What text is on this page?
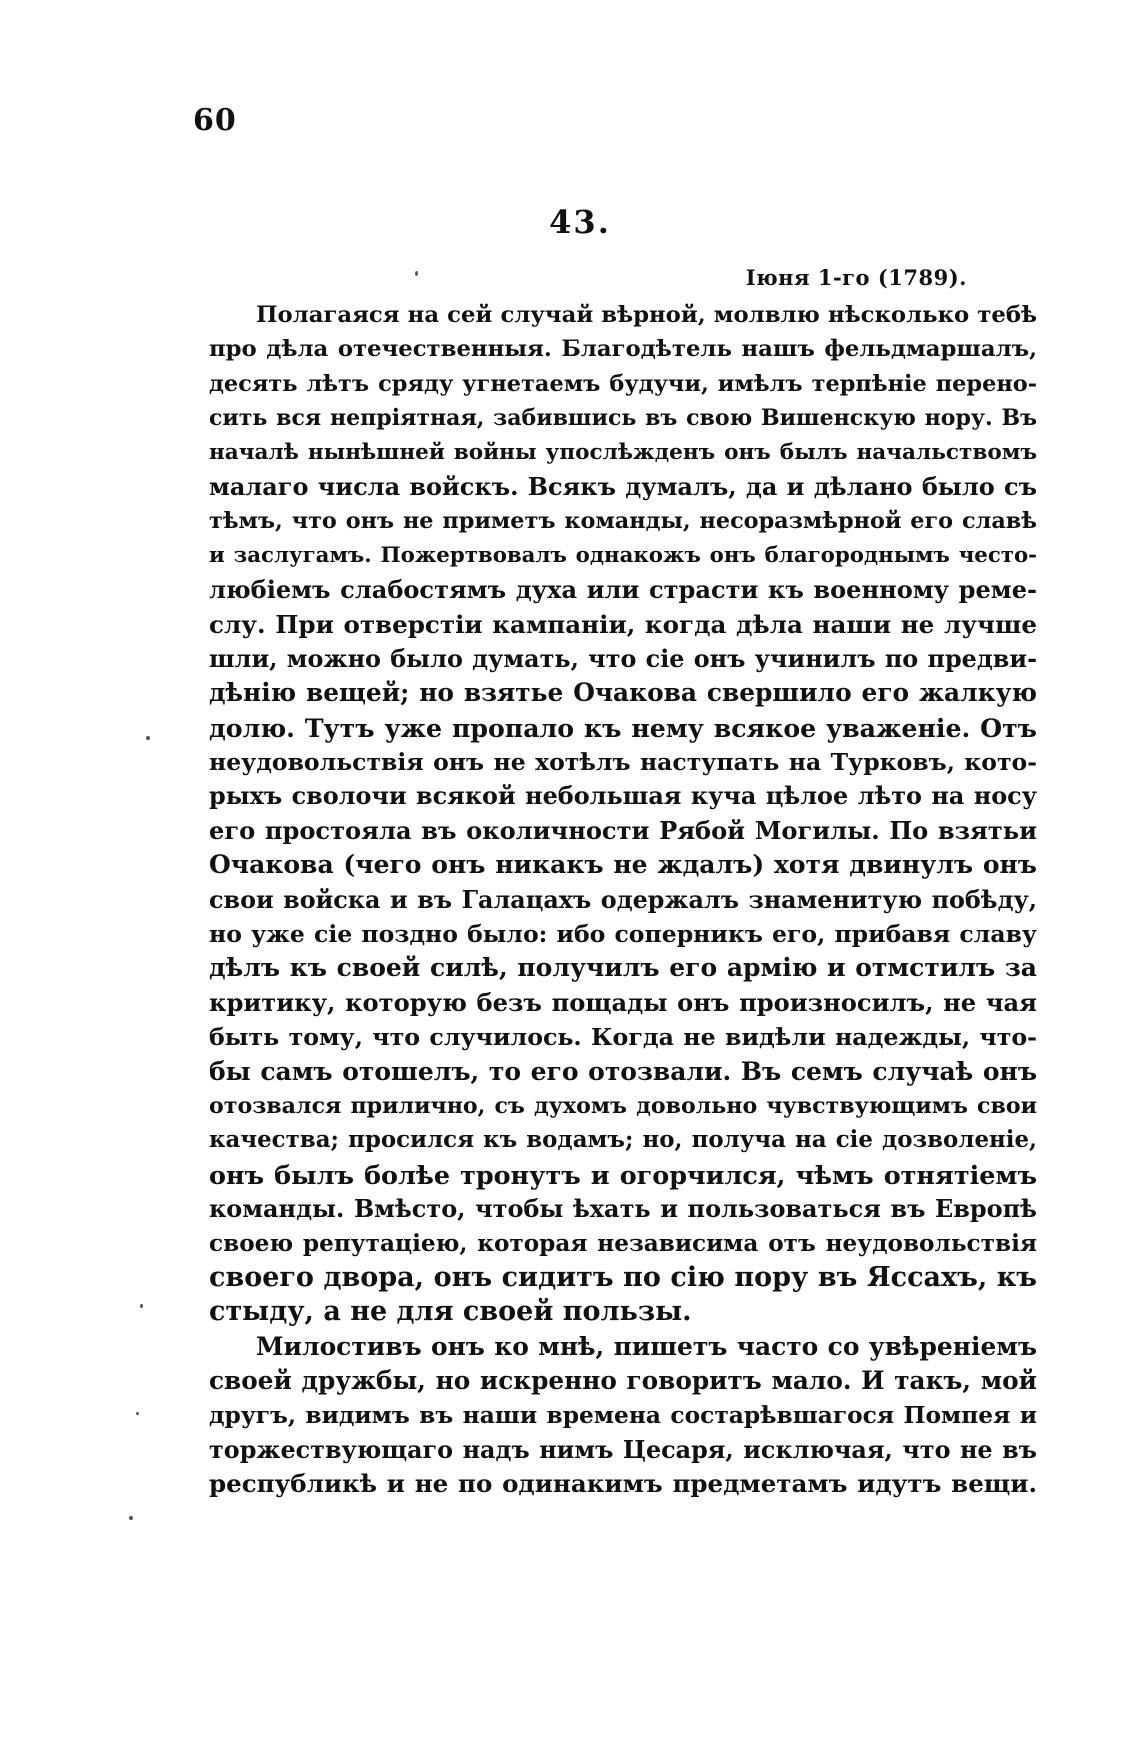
60
43.
Іюня 1-го (1789).
Полагаяся на сей случай вѣрной, молвлю нѣсколько тебѣ
про дѣла отечественныя. Благодѣтель нашъ фельдмаршалъ,
десять лѣтъ сряду угнетаемъ будучи, имѣлъ терпѣніе перено-
сить вся непріятная, забившись въ свою Вишенскую нору. Въ
началѣ нынѣшней войны упослѣжденъ онъ былъ начальствомъ
малаго числа войскъ. Всякъ думалъ, да и дѣлано было съ
тѣмъ, что онъ не приметъ команды, несоразмѣрной его славѣ
и заслугамъ. Пожертвовалъ однакожъ онъ благороднымъ често-
любіемъ слабостямъ духа или страсти къ военному реме-
слу. При отверстіи кампаніи, когда дѣла наши не лучше
шли, можно было думать, что сіе онъ учинилъ по предви-
дѣнію вещей; но взятье Очакова свершило его жалкую
долю. Тутъ уже пропало къ нему всякое уваженіе. Отъ
неудовольствія онъ не хотѣлъ наступать на Турковъ, кото-
рыхъ сволочи всякой небольшая куча цѣлое лѣто на носу
его простояла въ околичности Рябой Могилы. По взятьи
Очакова (чего онъ никакъ не ждалъ) хотя двинулъ онъ
свои войска и въ Галацахъ одержалъ знаменитую побѣду,
но уже сіе поздно было: ибо соперникъ его, прибавя славу
дѣлъ къ своей силѣ, получилъ его армію и отмстилъ за
критику, которую безъ пощады онъ произносилъ, не чая
быть тому, что случилось. Когда не видѣли надежды, что-
бы самъ отошелъ, то его отозвали. Въ семъ случаѣ онъ
отозвался прилично, съ духомъ довольно чувствующимъ свои
качества; просился къ водамъ; но, получа на сіе дозволеніе,
онъ былъ болѣе тронутъ и огорчился, чѣмъ отнятіемъ
команды. Вмѣсто, чтобы ѣхать и пользоваться въ Европѣ
своею репутаціею, которая независима отъ неудовольствія
своего двора, онъ сидитъ по сію пору въ Яссахъ, къ
стыду, а не для своей пользы.
Милостивъ онъ ко мнѣ, пишетъ часто со увѣреніемъ
своей дружбы, но искренно говоритъ мало. И такъ, мой
другъ, видимъ въ наши времена состарѣвшагося Помпея и
торжествующаго надъ нимъ Цесаря, исключая, что не въ
республикѣ и не по одинакимъ предметамъ идутъ вещи.
